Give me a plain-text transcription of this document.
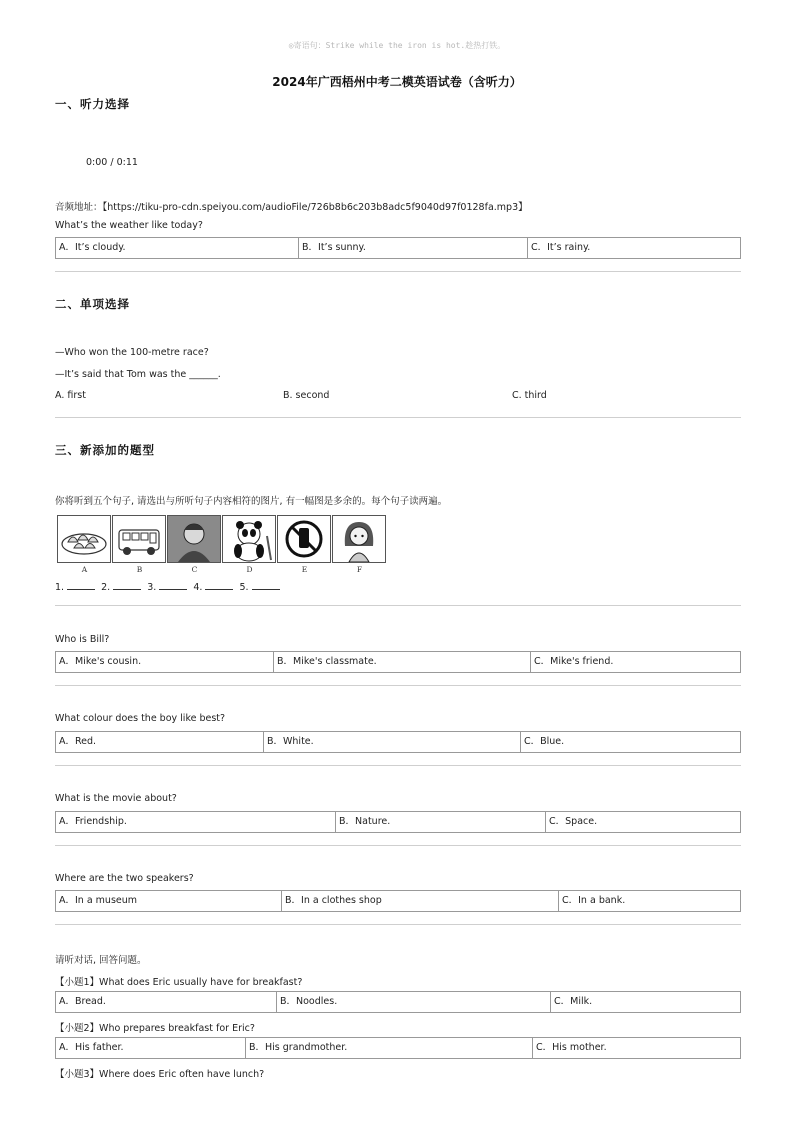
◎寄语句：Strike while the iron is hot.趁热打铁。
2024年广西梧州中考二模英语试卷（含听力）
一、听力选择
0:00 / 0:11
音频地址：【https://tiku-pro-cdn.speiyou.com/audioFile/726b8b6c203b8adc5f9040d97f0128fa.mp3】
What’s the weather like today?
A．It’s cloudy.	B．It’s sunny.	C．It’s rainy.
二、单项选择
—Who won the 100-metre race?
—It’s said that Tom was the ______.
A. first	B. second	C. third
三、新添加的题型
你将听到五个句子, 请选出与所听句子内容相符的图片, 有一幅图是多余的。每个句子读两遍。
A	B	C	D	E	F
1.	2.	3.	4.	5.
Who is Bill?
A．Mike's cousin.	B．Mike's classmate.	C．Mike's friend.
What colour does the boy like best?
A．Red.	B．White.	C．Blue.
What is the movie about?
A．Friendship.	B．Nature.	C．Space.
Where are the two speakers?
A．In a museum	B．In a clothes shop	C．In a bank.
请听对话, 回答问题。
【小题1】What does Eric usually have for breakfast?
A．Bread.	B．Noodles.	C．Milk.
【小题2】Who prepares breakfast for Eric?
A．His father.	B．His grandmother.	C．His mother.
【小题3】Where does Eric often have lunch?
